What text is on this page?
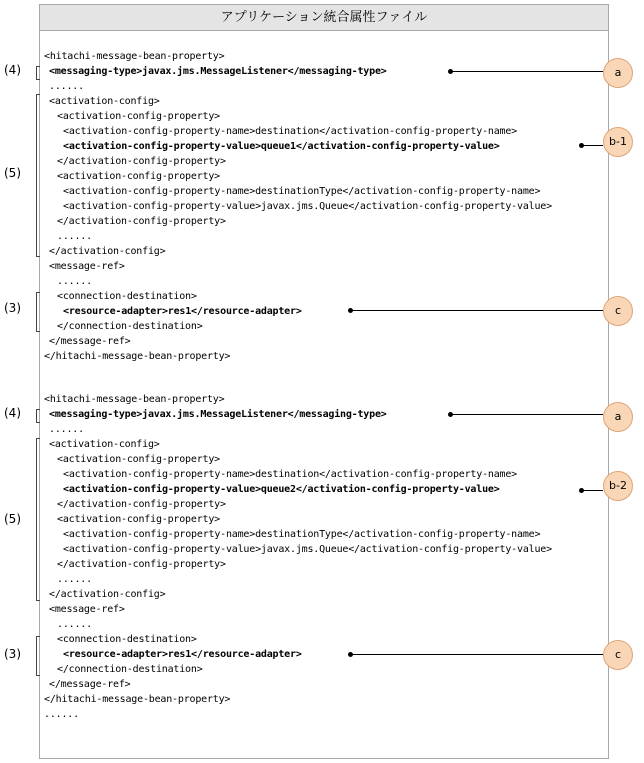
アプリケーション統合属性ファイル
<hitachi-message-bean-property>
<messaging-type>javax.jms.MessageListener</messaging-type>
......
<activation-config>
<activation-config-property>
<activation-config-property-name>destination</activation-config-property-name>
<activation-config-property-value>queue1</activation-config-property-value>
</activation-config-property>
<activation-config-property>
<activation-config-property-name>destinationType</activation-config-property-name>
<activation-config-property-value>javax.jms.Queue</activation-config-property-value>
</activation-config-property>
......
</activation-config>
<message-ref>
......
<connection-destination>
<resource-adapter>res1</resource-adapter>
</connection-destination>
</message-ref>
</hitachi-message-bean-property>
<hitachi-message-bean-property>
<messaging-type>javax.jms.MessageListener</messaging-type>
......
<activation-config>
<activation-config-property>
<activation-config-property-name>destination</activation-config-property-name>
<activation-config-property-value>queue2</activation-config-property-value>
</activation-config-property>
<activation-config-property>
<activation-config-property-name>destinationType</activation-config-property-name>
<activation-config-property-value>javax.jms.Queue</activation-config-property-value>
</activation-config-property>
......
</activation-config>
<message-ref>
......
<connection-destination>
<resource-adapter>res1</resource-adapter>
</connection-destination>
</message-ref>
</hitachi-message-bean-property>
......
(4)
(5)
(3)
(4)
(5)
(3)
a
b-1
c
a
b-2
c
